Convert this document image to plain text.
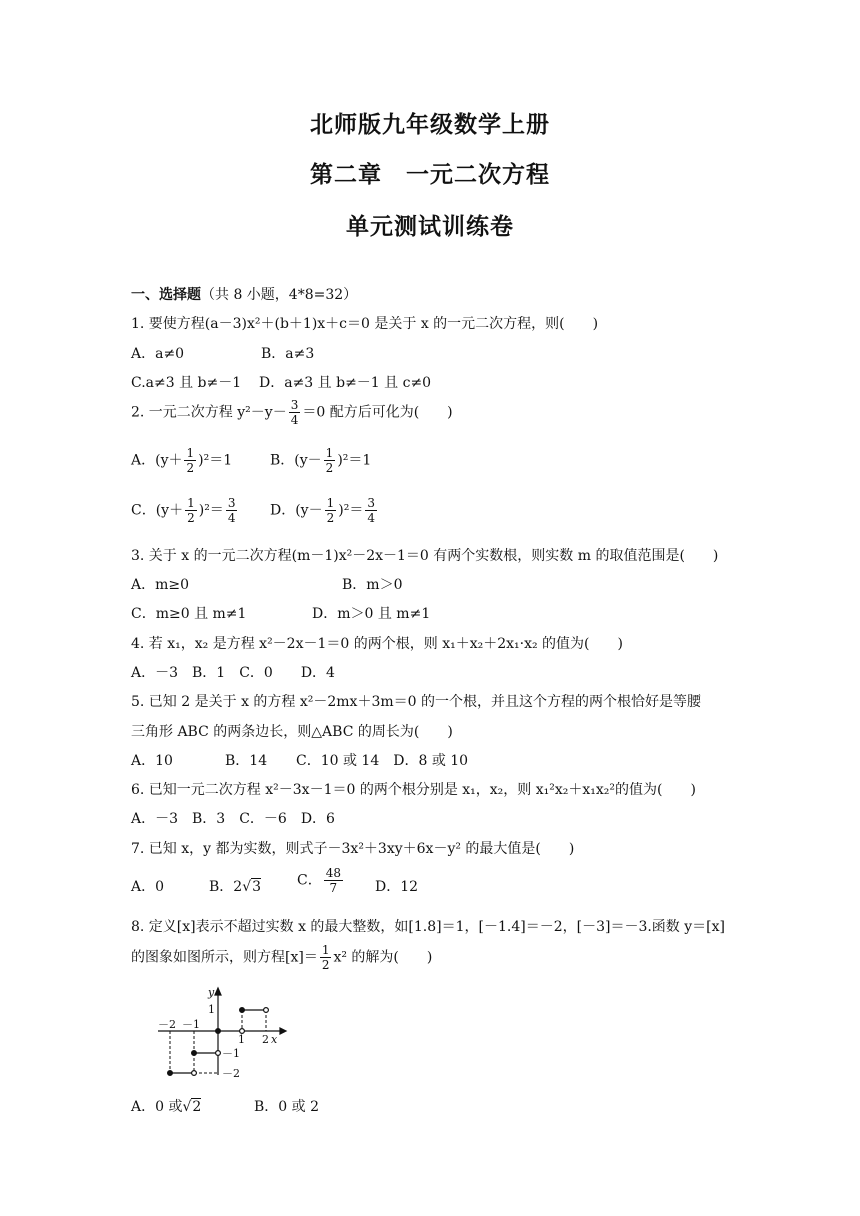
北师版九年级数学上册
第二章　一元二次方程
单元测试训练卷
一、选择题（共 8 小题，4*8=32）
1. 要使方程(a－3)x²＋(b＋1)x＋c＝0 是关于 x 的一元二次方程，则(　　)
A．a≠0	B．a≠3
C.a≠3 且 b≠－1 D．a≠3 且 b≠－1 且 c≠0
2. 一元二次方程 $y^2-y- \frac{3}{4} =0$ 配方后可化为(　　)
A．$(y+ \frac{1}{2} )^2=1$	B．$(y- \frac{1}{2} )^2=1$
C．$(y+ \frac{1}{2} )^2= \frac{3}{4}$ D．$(y- \frac{1}{2} )^2= \frac{3}{4}$
3. 关于 x 的一元二次方程(m－1)x²－2x－1＝0 有两个实数根，则实数 m 的取值范围是(　　)
A．m≥0	B．m＞0
C．m≥0 且 m≠1	D．m＞0 且 m≠1
4. 若 x₁，x₂ 是方程 x²－2x－1＝0 的两个根，则 x₁＋x₂＋2x₁·x₂ 的值为(　　)
A．－3　B．1　C．0　　D．4
5. 已知 2 是关于 x 的方程 x²－2mx＋3m＝0 的一个根，并且这个方程的两个根恰好是等腰
三角形 ABC 的两条边长，则△ABC 的周长为(　　)
A．10	B．14 C．10 或 14　D．8 或 10
6. 已知一元二次方程 x²－3x－1＝0 的两个根分别是 x₁，x₂，则 x₁²x₂＋x₁x₂²的值为(　　)
A．－3　B．3　C．－6　D．6
7. 已知 x，y 都为实数，则式子－3x²＋3xy＋6x－y² 的最大值是(　　)
A．0	B．2√3	C． $\frac{48}{7}$ D．12
8. 定义[x]表示不超过实数 x 的最大整数，如[1.8]＝1，[－1.4]＝－2，[－3]＝－3.函数 y＝[x]
的图象如图所示，则方程$[x]= \frac{1}{2} x^2$ 的解为(　　)
y
x
1
1 2
－2 －1
－1
－2
A．0 或√2	B．0 或 2
